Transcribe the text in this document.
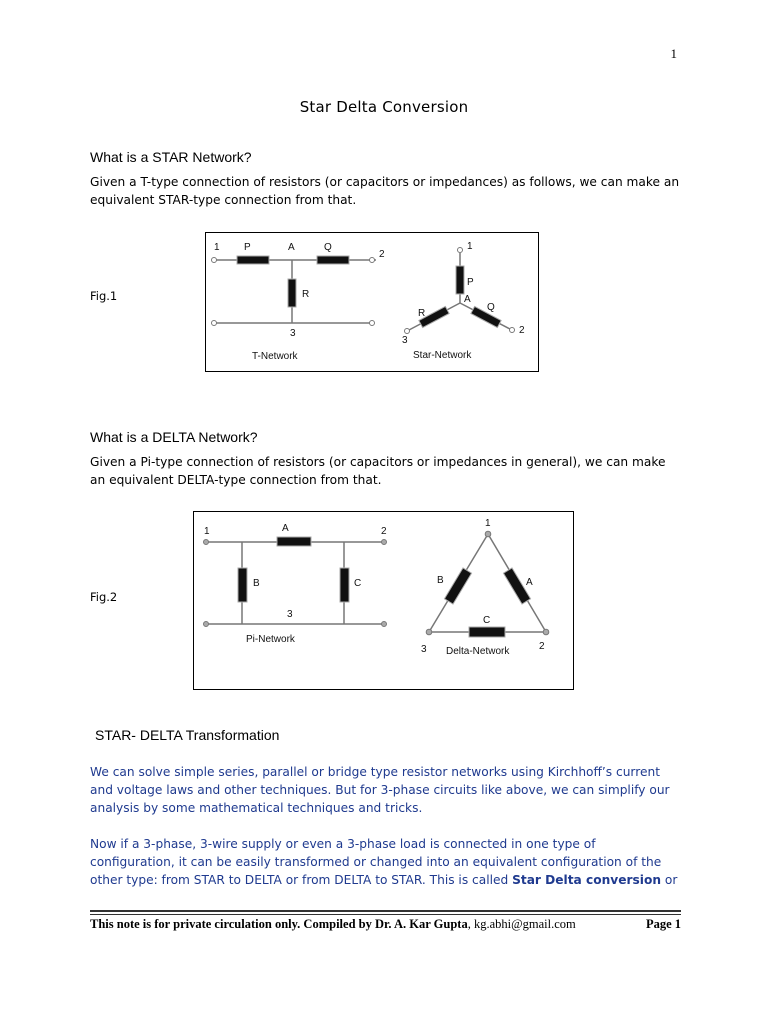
1
Star Delta Conversion
What is a STAR Network?
Given a T-type connection of resistors (or capacitors or impedances) as follows, we can make an
equivalent STAR-type connection from that.
Fig.1
1 P	A	Q
2
R
3
T-Network
1
P
A
R
Q
3
2
Star-Network
What is a DELTA Network?
Given a Pi-type connection of resistors (or capacitors or impedances in general), we can make
an equivalent DELTA-type connection from that.
Fig.2
1	A	2
B	C
3
Pi-Network
1
B	A
C
3	2
Delta-Network
STAR- DELTA Transformation
We can solve simple series, parallel or bridge type resistor networks using Kirchhoff’s current
and voltage laws and other techniques. But for 3-phase circuits like above, we can simplify our
analysis by some mathematical techniques and tricks.
Now if a 3-phase, 3-wire supply or even a 3-phase load is connected in one type of
configuration, it can be easily transformed or changed into an equivalent configuration of the
other type: from STAR to DELTA or from DELTA to STAR. This is called Star Delta conversion or
This note is for private circulation only. Compiled by Dr. A. Kar Gupta, kg.abhi@gmail.com	Page 1
